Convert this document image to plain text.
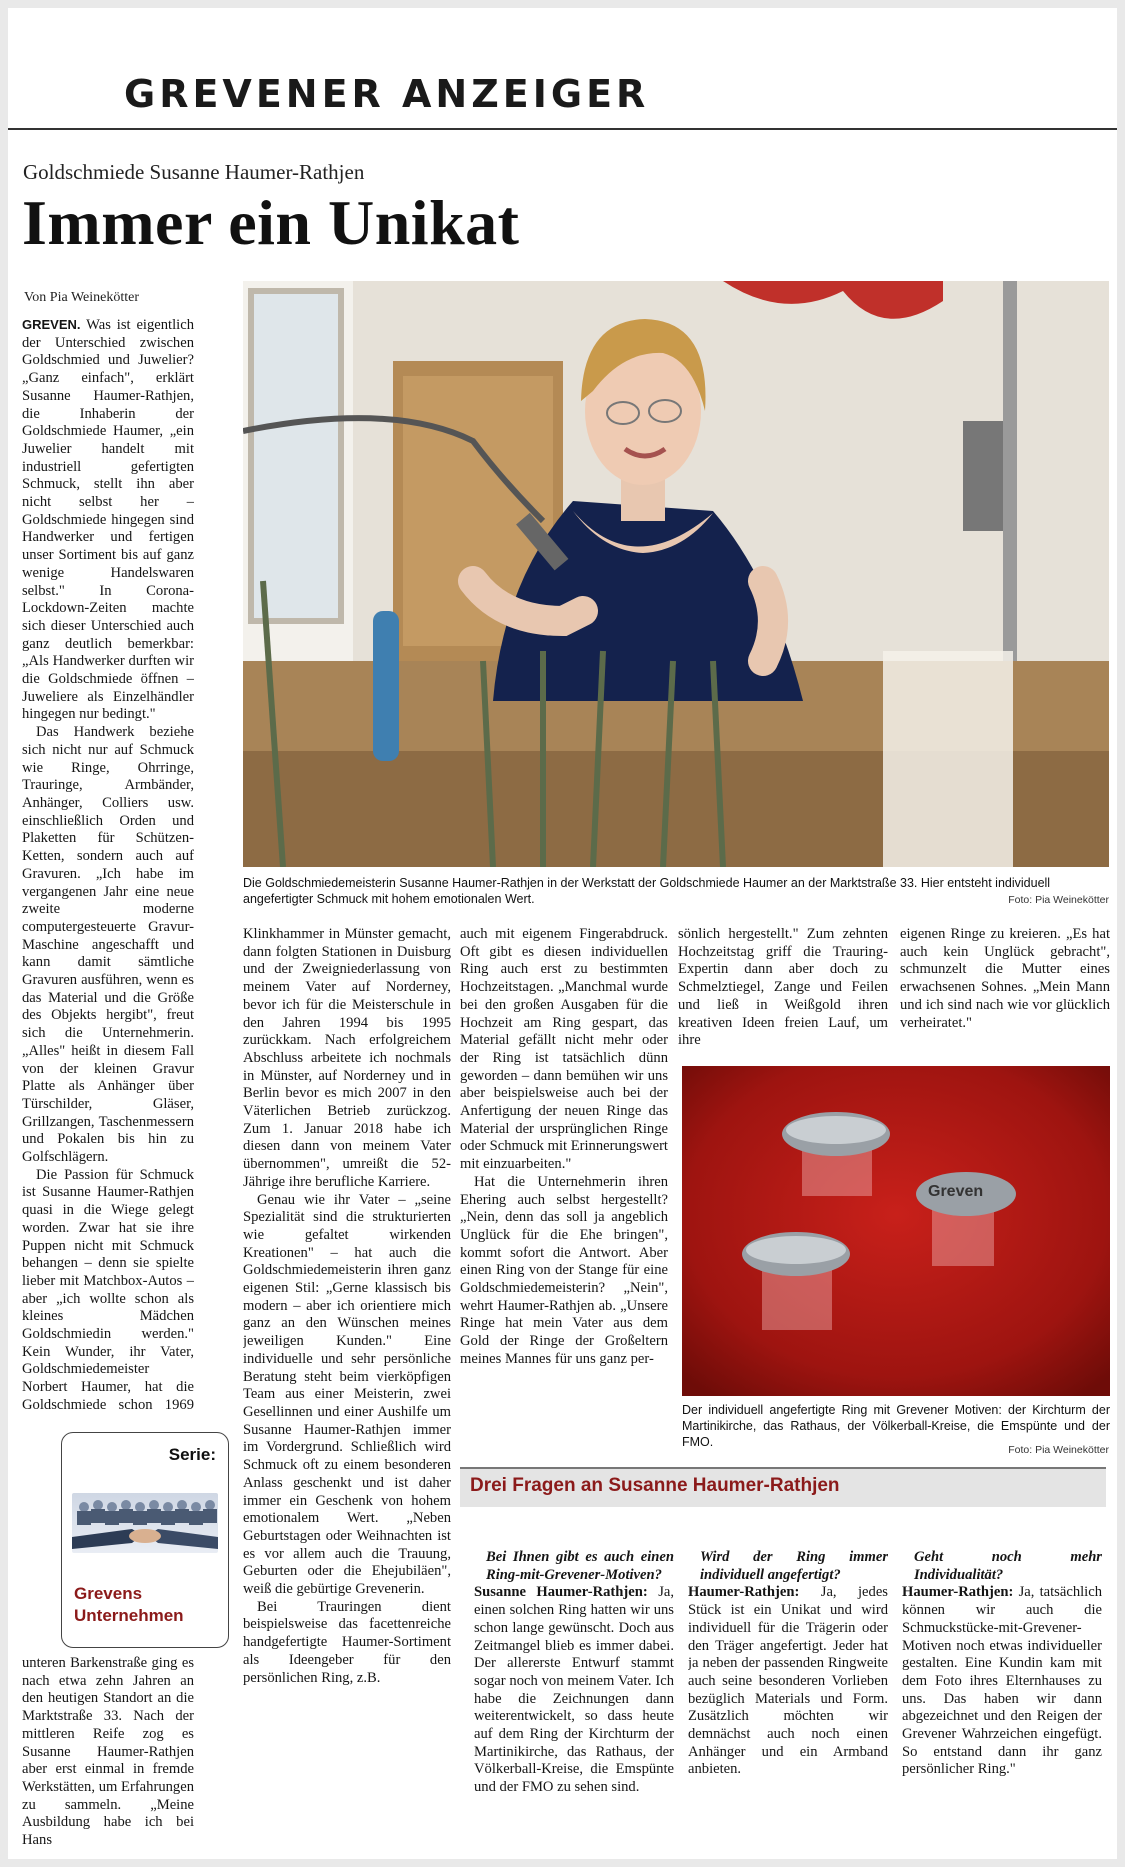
GREVENER ANZEIGER
Goldschmiede Susanne Haumer-Rathjen
Immer ein Unikat
Von Pia Weinekötter

GREVEN. Was ist eigentlich der Unterschied zwischen Goldschmied und Juwelier? „Ganz einfach", erklärt Susanne Haumer-Rathjen, die Inhaberin der Goldschmiede Haumer, „ein Juwelier handelt mit industriell gefertigten Schmuck, stellt ihn aber nicht selbst her – Goldschmiede hingegen sind Handwerker und fertigen unser Sortiment bis auf ganz wenige Handelswaren selbst." In Corona-Lockdown-Zeiten machte sich dieser Unterschied auch ganz deutlich bemerkbar: „Als Handwerker durften wir die Goldschmiede öffnen – Juweliere als Einzelhändler hingegen nur bedingt."

Das Handwerk beziehe sich nicht nur auf Schmuck wie Ringe, Ohrringe, Trauringe, Armbänder, Anhänger, Colliers usw. einschließlich Orden und Plaketten für Schützen-Ketten, sondern auch auf Gravuren. „Ich habe im vergangenen Jahr eine neue zweite moderne computergesteuerte Gravur-Maschine angeschafft und kann damit sämtliche Gravuren ausführen, wenn es das Material und die Größe des Objekts hergibt", freut sich die Unternehmerin. „Alles" heißt in diesem Fall von der kleinen Gravur Platte als Anhänger über Türschilder, Gläser, Grillzangen, Taschenmessern und Pokalen bis hin zu Golfschlägern.

Die Passion für Schmuck ist Susanne Haumer-Rathjen quasi in die Wiege gelegt worden. Zwar hat sie ihre Puppen nicht mit Schmuck behangen – denn sie spielte lieber mit Matchbox-Autos – aber „ich wollte schon als kleines Mädchen Goldschmiedin werden." Kein Wunder, ihr Vater, Goldschmiedemeister Norbert Haumer, hat die Goldschmiede schon 1969

unteren Barkenstraße ging es nach etwa zehn Jahren an den heutigen Standort an die Marktstraße 33. Nach der mittleren Reife zog es Susanne Haumer-Rathjen aber erst einmal in fremde Werkstätten, um Erfahrungen zu sammeln. „Meine Ausbildung habe ich bei Hans

Serie:
Grevens
Unternehmen
Die Goldschmiedemeisterin Susanne Haumer-Rathjen in der Werkstatt der Goldschmiede Haumer an der Marktstraße 33. Hier entsteht individuell angefertigter Schmuck mit hohem emotionalen Wert.	Foto: Pia Weinekötter

Klinkhammer in Münster gemacht, dann folgten Stationen in Duisburg und der Zweigniederlassung von meinem Vater auf Norderney, bevor ich für die Meisterschule in den Jahren 1994 bis 1995 zurückkam. Nach erfolgreichem Abschluss arbeitete ich nochmals in Münster, auf Norderney und in Berlin bevor es mich 2007 in den Väterlichen Betrieb zurückzog. Zum 1. Januar 2018 habe ich diesen dann von meinem Vater übernommen", umreißt die 52-Jährige ihre berufliche Karriere.

Genau wie ihr Vater – „seine Spezialität sind die strukturierten wie gefaltet wirkenden Kreationen" – hat auch die Goldschmiedemeisterin ihren ganz eigenen Stil: „Gerne klassisch bis modern – aber ich orientiere mich ganz an den Wünschen meines jeweiligen Kunden." Eine individuelle und sehr persönliche Beratung steht beim vierköpfigen Team aus einer Meisterin, zwei Gesellinnen und einer Aushilfe um Susanne Haumer-Rathjen immer im Vordergrund. Schließlich wird Schmuck oft zu einem besonderen Anlass geschenkt und ist daher immer ein Geschenk von hohem emotionalem Wert. „Neben Geburtstagen oder Weihnachten ist es vor allem auch die Trauung, Geburten oder die Ehejubiläen", weiß die gebürtige Grevenerin.

Bei Trauringen dient beispielsweise das facettenreiche handgefertigte Haumer-Sortiment als Ideengeber für den persönlichen Ring, z.B.

auch mit eigenem Fingerabdruck. Oft gibt es diesen individuellen Ring auch erst zu bestimmten Hochzeitstagen. „Manchmal wurde bei den großen Ausgaben für die Hochzeit am Ring gespart, das Material gefällt nicht mehr oder der Ring ist tatsächlich dünn geworden – dann bemühen wir uns aber beispielsweise auch bei der Anfertigung der neuen Ringe das Material der ursprünglichen Ringe oder Schmuck mit Erinnerungswert mit einzuarbeiten."

Hat die Unternehmerin ihren Ehering auch selbst hergestellt? „Nein, denn das soll ja angeblich Unglück für die Ehe bringen", kommt sofort die Antwort. Aber einen Ring von der Stange für eine Goldschmiedemeisterin? „Nein", wehrt Haumer-Rathjen ab. „Unsere Ringe hat mein Vater aus dem Gold der Ringe der Großeltern meines Mannes für uns ganz per-

sönlich hergestellt." Zum zehnten Hochzeitstag griff die Trauring-Expertin dann aber doch zu Schmelztiegel, Zange und Feilen und ließ in Weißgold ihren kreativen Ideen freien Lauf, um ihre

eigenen Ringe zu kreieren. „Es hat auch kein Unglück gebracht", schmunzelt die Mutter eines erwachsenen Sohnes. „Mein Mann und ich sind nach wie vor glücklich verheiratet."

Greven
Der individuell angefertigte Ring mit Grevener Motiven: der Kirchturm der Martinikirche, das Rathaus, der Völkerball-Kreise, die Emspünte und der FMO.
Foto: Pia Weinekötter
Drei Fragen an Susanne Haumer-Rathjen

Bei Ihnen gibt es auch einen Ring-mit-Grevener-Motiven?

Susanne Haumer-Rathjen: Ja, einen solchen Ring hatten wir uns schon lange gewünscht. Doch aus Zeitmangel blieb es immer dabei. Der allererste Entwurf stammt sogar noch von meinem Vater. Ich habe die Zeichnungen dann weiterentwickelt, so dass heute auf dem Ring der Kirchturm der Martinikirche, das Rathaus, der Völkerball-Kreise, die Emspünte und der FMO zu sehen sind.

Wird der Ring immer individuell angefertigt?

Haumer-Rathjen: Ja, jedes Stück ist ein Unikat und wird individuell für die Trägerin oder den Träger angefertigt. Jeder hat ja neben der passenden Ringweite auch seine besonderen Vorlieben bezüglich Materials und Form. Zusätzlich möchten wir demnächst auch noch einen Anhänger und ein Armband anbieten.

Geht noch mehr Individualität?

Haumer-Rathjen: Ja, tatsächlich können wir auch die Schmuckstücke-mit-Grevener-Motiven noch etwas individueller gestalten. Eine Kundin kam mit dem Foto ihres Elternhauses zu uns. Das haben wir dann abgezeichnet und den Reigen der Grevener Wahrzeichen eingefügt. So entstand dann ihr ganz persönlicher Ring."
